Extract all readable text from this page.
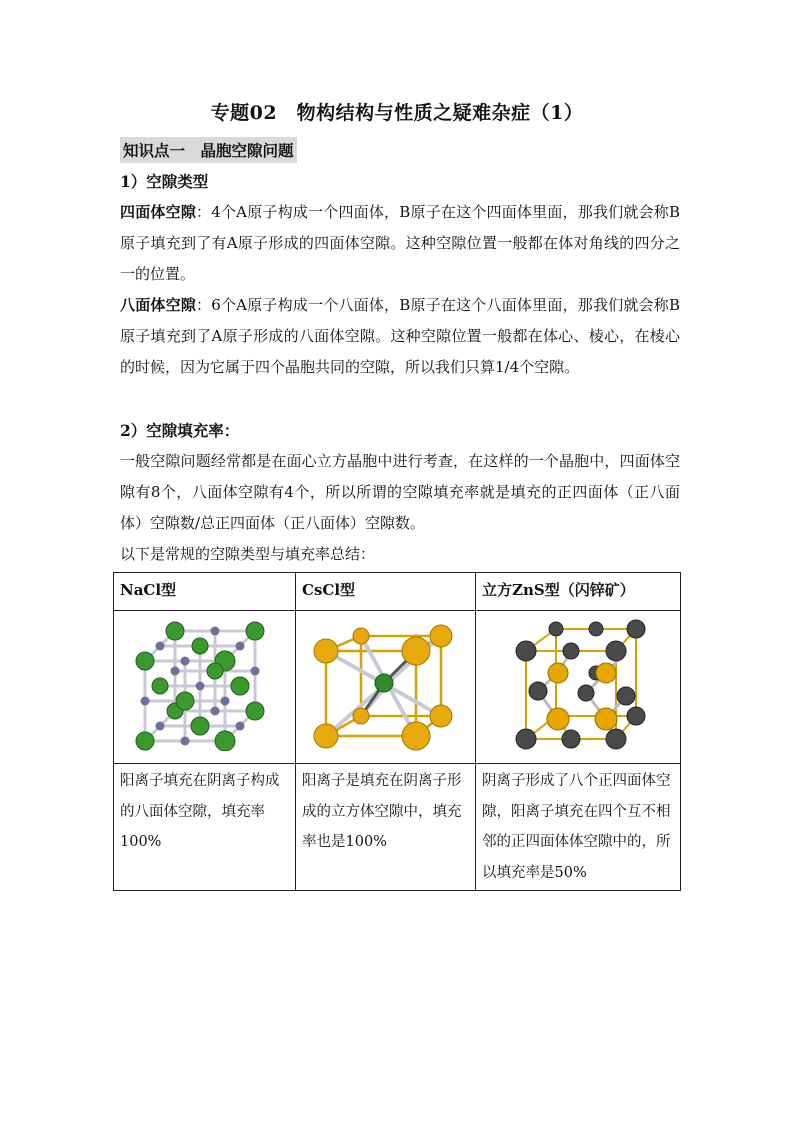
专题02　物构结构与性质之疑难杂症（1）
知识点一　晶胞空隙问题
1）空隙类型
四面体空隙：4个A原子构成一个四面体，B原子在这个四面体里面，那我们就会称B原子填充到了有A原子形成的四面体空隙。这种空隙位置一般都在体对角线的四分之一的位置。
八面体空隙：6个A原子构成一个八面体，B原子在这个八面体里面，那我们就会称B原子填充到了A原子形成的八面体空隙。这种空隙位置一般都在体心、棱心，在棱心的时候，因为它属于四个晶胞共同的空隙，所以我们只算1/4个空隙。
2）空隙填充率：
一般空隙问题经常都是在面心立方晶胞中进行考查，在这样的一个晶胞中，四面体空隙有8个，八面体空隙有4个，所以所谓的空隙填充率就是填充的正四面体（正八面体）空隙数/总正四面体（正八面体）空隙数。
以下是常规的空隙类型与填充率总结：
NaCl型	CsCl型	立方ZnS型（闪锌矿）

阳离子填充在阴离子构成的八面体空隙，填充率100%	阳离子是填充在阴离子形成的立方体空隙中，填充率也是100%	阴离子形成了八个正四面体空隙，阳离子填充在四个互不相邻的正四面体体空隙中的，所以填充率是50%
